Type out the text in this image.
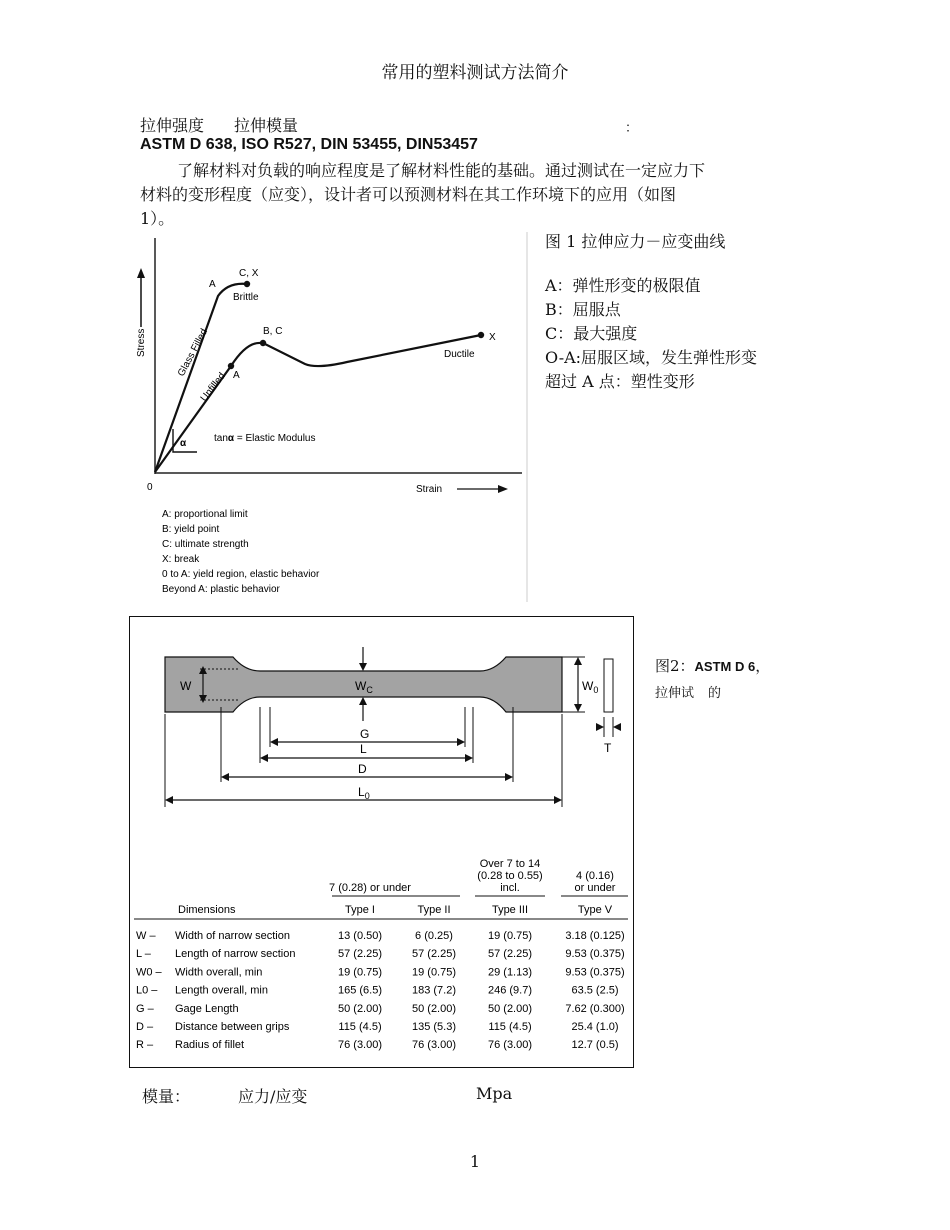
常用的塑料测试方法简介
拉伸强度 拉伸模量	：
ASTM D 638, ISO R527, DIN 53455, DIN53457
了解材料对负载的响应程度是了解材料性能的基础。通过测试在一定应力下
材料的变形程度（应变），设计者可以预测材料在其工作环境下的应用（如图
1）。
Stress
Strain
0
A
C, X
Brittle
Glass Filled A
B, C
X
Ductile
Unfilled
α	tanα = Elastic Modulus
A: proportional limit
B: yield point
C: ultimate strength
X: break
0 to A: yield region, elastic behavior
Beyond A: plastic behavior
图 1 拉伸应力－应变曲线
A：弹性形变的极限值
B：屈服点
C：最大强度
O-A:屈服区域，发生弹性形变
超过 A 点：塑性变形
W	$W_C$	$W_0$
T
G
L
D
$L_0$
7 (0.28) or under
Over 7 to 14
(0.28 to 0.55)
incl.
4 (0.16)
or under
Dimensions	Type I	Type II	Type III	Type V
W – Width of narrow section	13 (0.50)	6 (0.25)	19 (0.75)	3.18 (0.125)
L – Length of narrow section	57 (2.25)	57 (2.25)	57 (2.25)	9.53 (0.375)
W0 – Width overall, min	19 (0.75)	19 (0.75)	29 (1.13)	9.53 (0.375)
L0 – Length overall, min	165 (6.5)	183 (7.2)	246 (9.7)	63.5 (2.5)
G – Gage Length	50 (2.00)	50 (2.00)	50 (2.00)	7.62 (0.300)
D – Distance between grips	115 (4.5)	135 (5.3)	115 (4.5)	25.4 (1.0)
R – Radius of fillet	76 (3.00)	76 (3.00)	76 (3.00)	12.7 (0.5)
图2：ASTM D 6，
拉伸试 的
模量：	应力/应变	Mpa
1
